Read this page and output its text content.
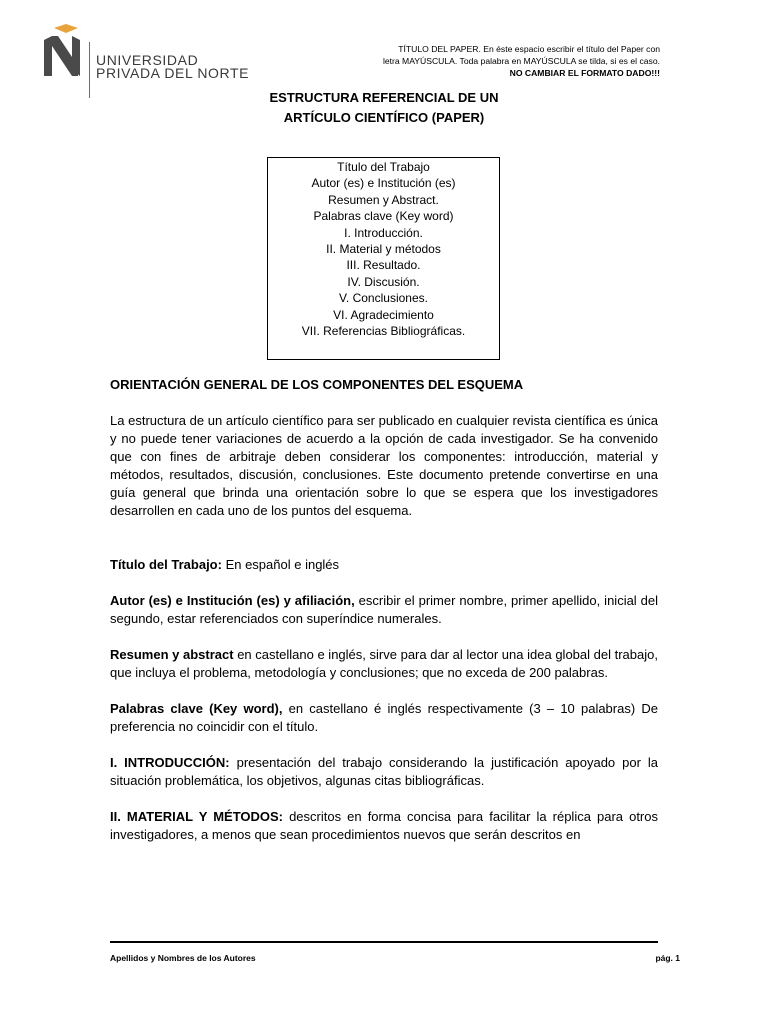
UNIVERSIDAD
PRIVADA DEL NORTE
TÍTULO DEL PAPER. En éste espacio escribir el título del Paper con
letra MAYÚSCULA. Toda palabra en MAYÚSCULA se tilda, si es el caso.
NO CAMBIAR EL FORMATO DADO!!!
ESTRUCTURA REFERENCIAL DE UN
ARTÍCULO CIENTÍFICO (PAPER)
Título del Trabajo
Autor (es) e Institución (es)
Resumen y Abstract.
Palabras clave (Key word)
I. Introducción.
II. Material y métodos
III. Resultado.
IV. Discusión.
V. Conclusiones.
VI. Agradecimiento
VII. Referencias Bibliográficas.
ORIENTACIÓN GENERAL DE LOS COMPONENTES DEL ESQUEMA

La estructura de un artículo científico para ser publicado en cualquier revista científica es única y no puede tener variaciones de acuerdo a la opción de cada investigador. Se ha convenido que con fines de arbitraje deben considerar los componentes: introducción, material y métodos, resultados, discusión, conclusiones. Este documento pretende convertirse en una guía general que brinda una orientación sobre lo que se espera que los investigadores desarrollen en cada uno de los puntos del esquema.

Título del Trabajo: En español e inglés

Autor (es) e Institución (es) y afiliación, escribir el primer nombre, primer apellido, inicial del segundo, estar referenciados con superíndice numerales.

Resumen y abstract en castellano e inglés, sirve para dar al lector una idea global del trabajo, que incluya el problema, metodología y conclusiones; que no exceda de 200 palabras.

Palabras clave (Key word), en castellano é inglés respectivamente (3 – 10 palabras) De preferencia no coincidir con el título.

I. INTRODUCCIÓN: presentación del trabajo considerando la justificación apoyado por la situación problemática, los objetivos, algunas citas bibliográficas.

II. MATERIAL Y MÉTODOS: descritos en forma concisa para facilitar la réplica para otros investigadores, a menos que sean procedimientos nuevos que serán descritos en

Apellidos y Nombres de los Autores	pág. 1
